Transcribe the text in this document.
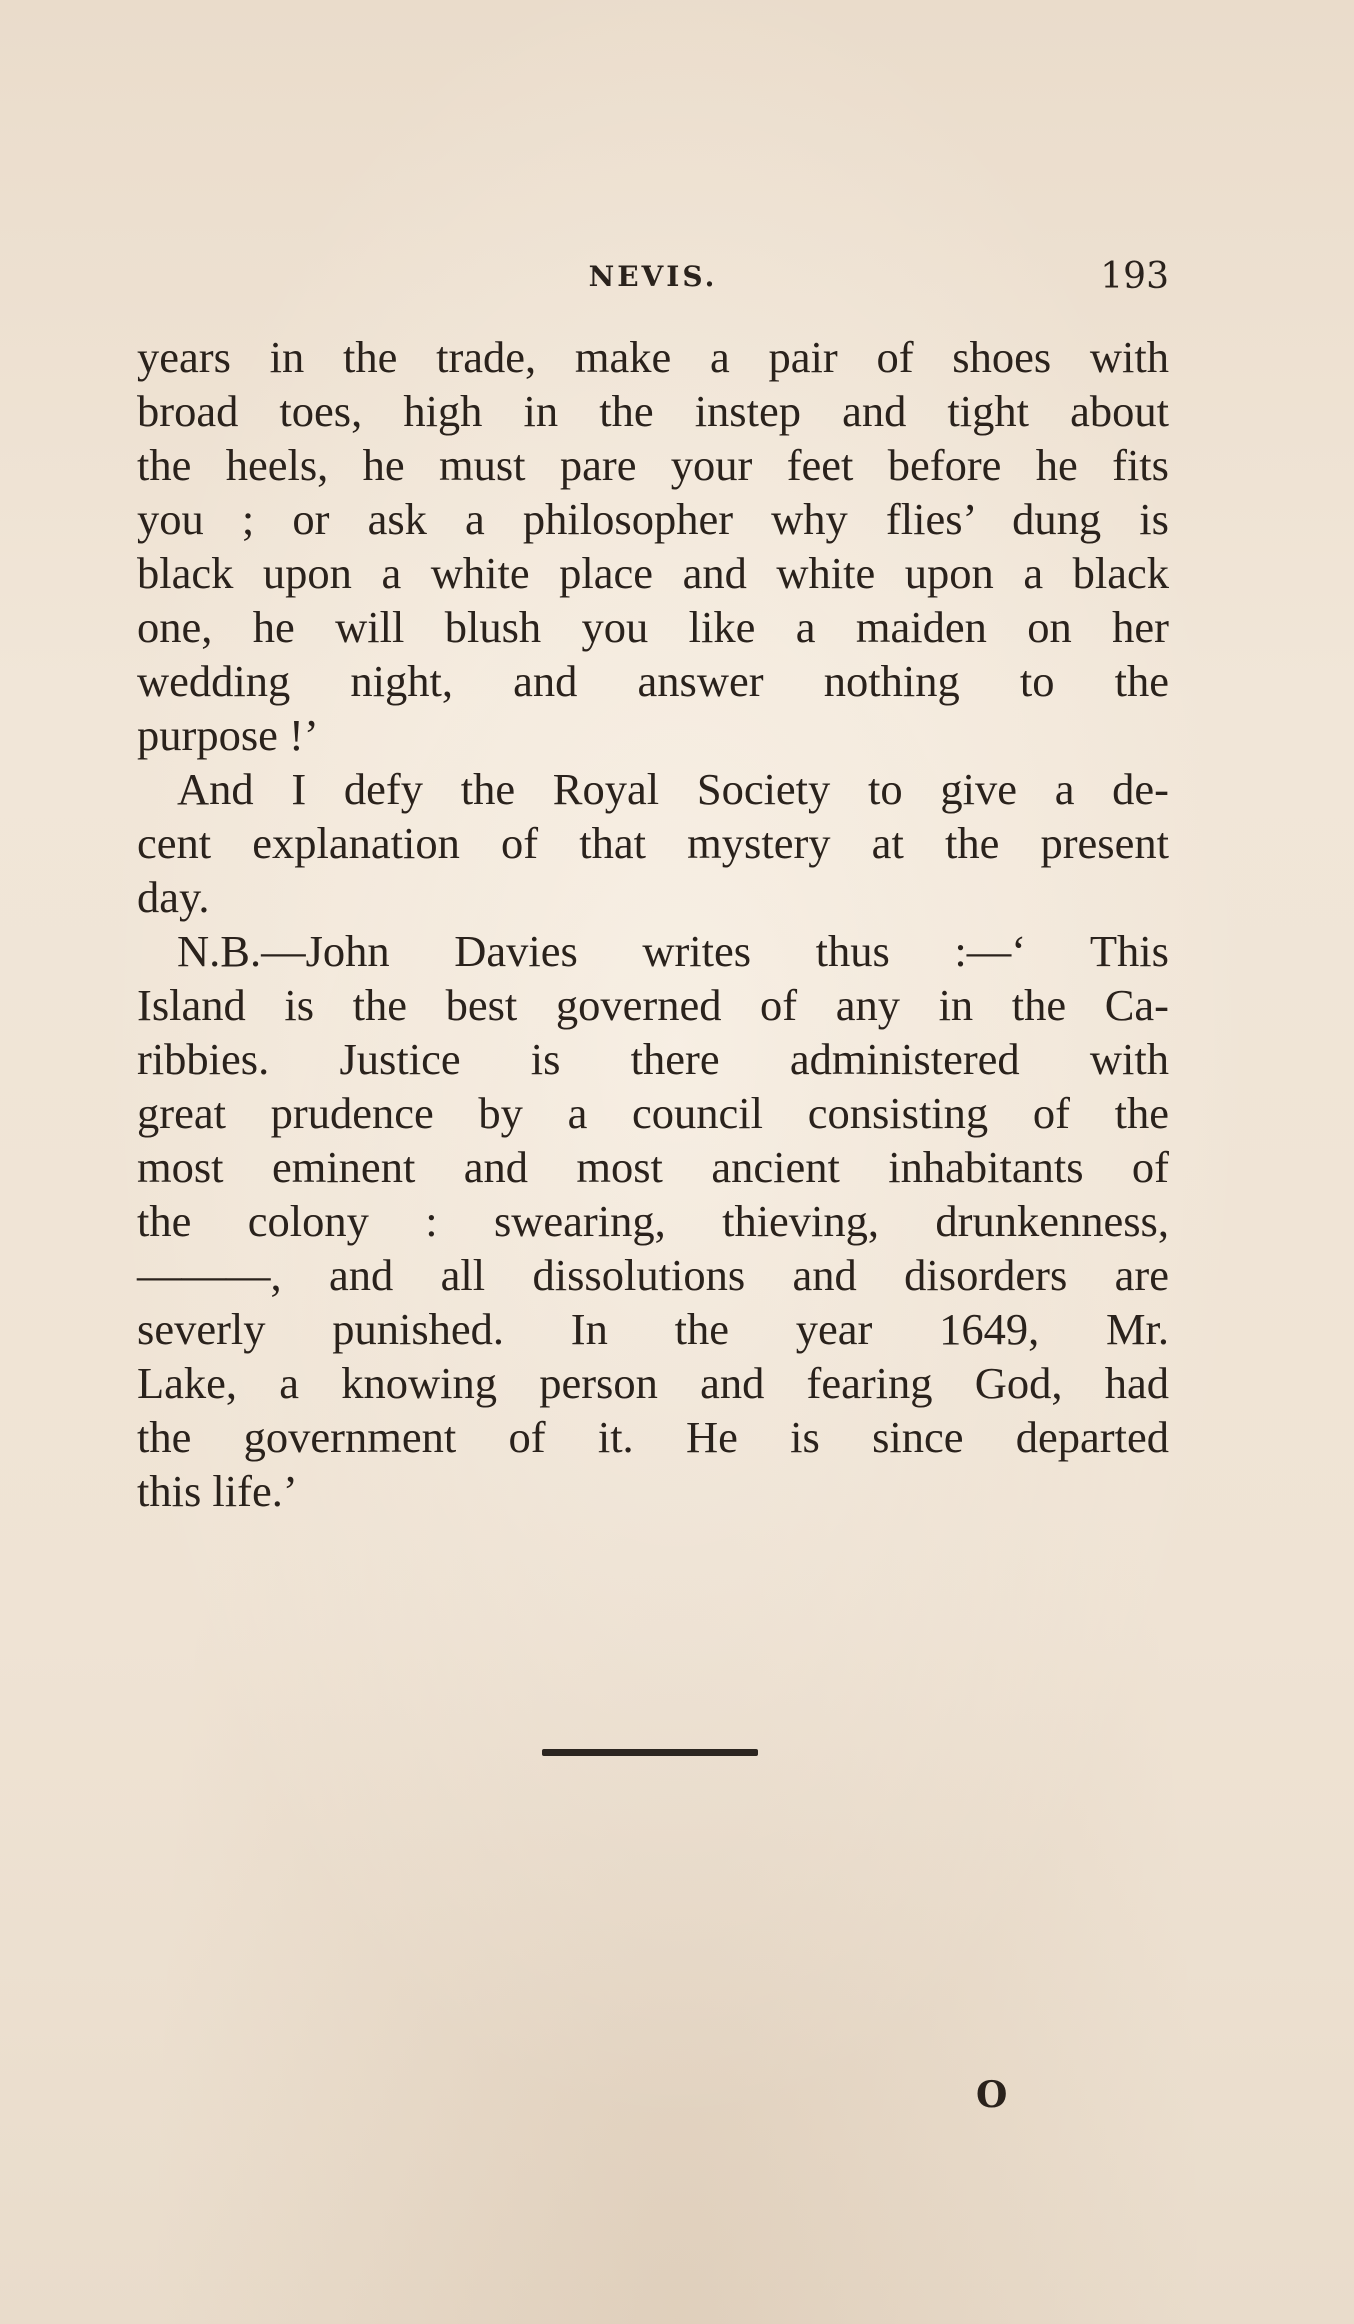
NEVIS.	193
years in the trade, make a pair of shoes with
broad toes, high in the instep and tight about
the heels, he must pare your feet before he fits
you ; or ask a philosopher why flies’ dung is
black upon a white place and white upon a black
one, he will blush you like a maiden on her
wedding night, and answer nothing to the
purpose !’
And I defy the Royal Society to give a de-
cent explanation of that mystery at the present
day.
N.B.—John Davies writes thus :—‘ This
Island is the best governed of any in the Ca-
ribbies. Justice is there administered with
great prudence by a council consisting of the
most eminent and most ancient inhabitants of
the colony : swearing, thieving, drunkenness,
———, and all dissolutions and disorders are
severly punished. In the year 1649, Mr.
Lake, a knowing person and fearing God, had
the government of it. He is since departed
this life.’
O
